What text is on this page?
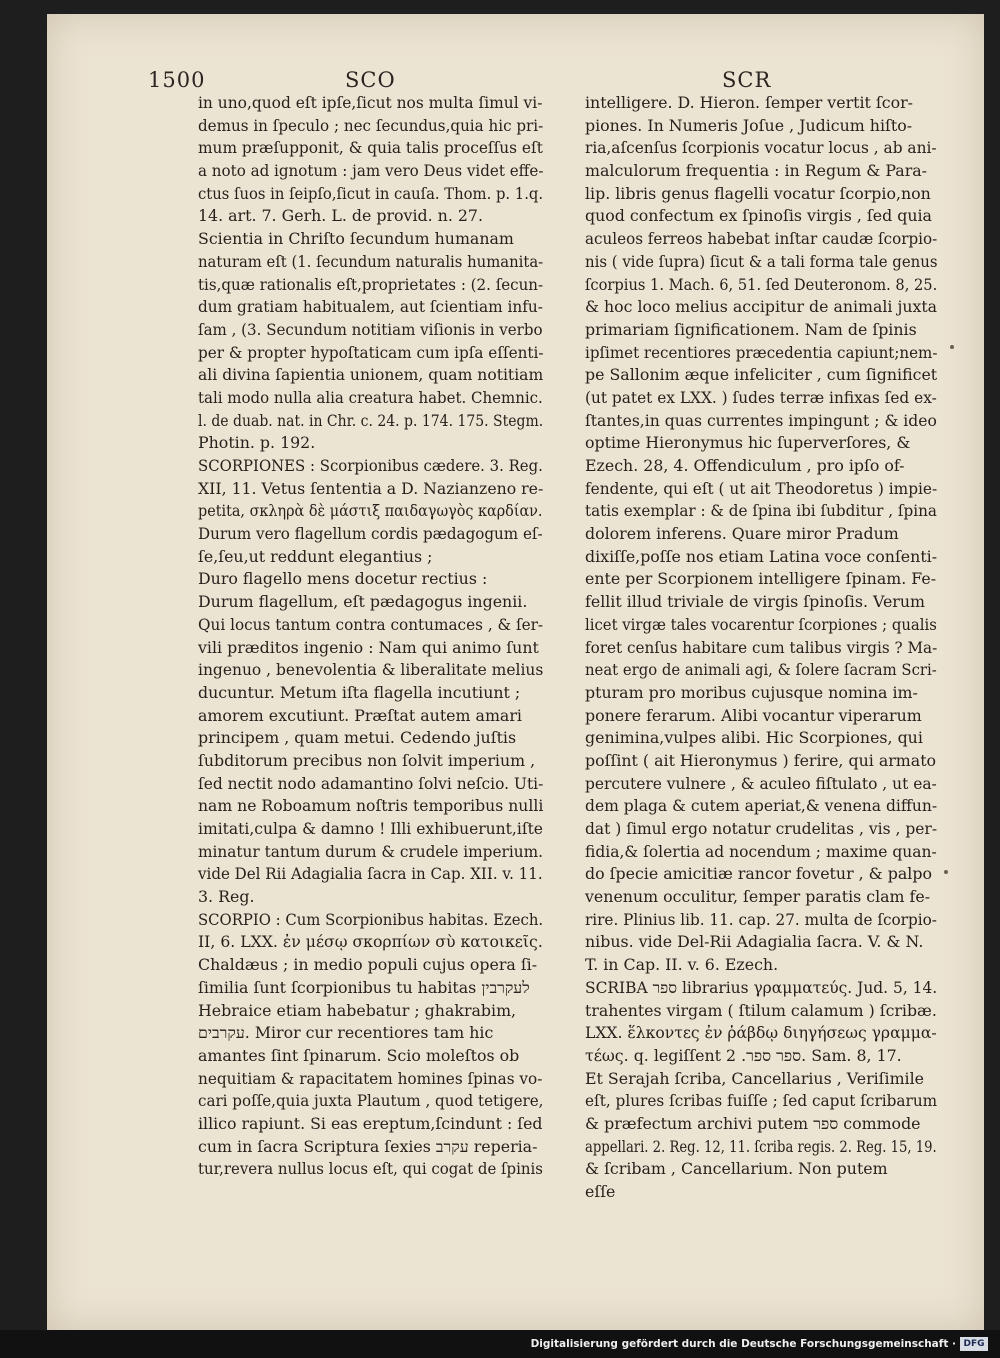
1500	SCO	SCR
in uno,quod eſt ipſe,ſicut nos multa ſimul vi-
demus in ſpeculo ; nec ſecundus,quia hic pri-
mum præſupponit, & quia talis proceſſus eſt
a noto ad ignotum : jam vero Deus videt effe-
ctus ſuos in ſeipſo,ſicut in cauſa. Thom. p. 1.q.
14. art. 7. Gerh. L. de provid. n. 27.
Scientia in Chriſto ſecundum humanam
naturam eſt (1. ſecundum naturalis humanita-
tis,quæ rationalis eſt,proprietates : (2. ſecun-
dum gratiam habitualem, aut ſcientiam infu-
ſam , (3. Secundum notitiam viſionis in verbo
per & propter hypoſtaticam cum ipſa eſſenti-
ali divina ſapientia unionem, quam notitiam
tali modo nulla alia creatura habet. Chemnic.
l. de duab. nat. in Chr. c. 24. p. 174. 175. Stegm.
Photin. p. 192.
SCORPIONES : Scorpionibus cædere. 3. Reg.
XII, 11. Vetus ſententia a D. Nazianzeno re-
petita, σκληρὰ δὲ μάστιξ παιδαγωγὸς καρδίαν.
Durum vero flagellum cordis pædagogum eſ-
ſe,ſeu,ut reddunt elegantius ;
Duro flagello mens docetur rectius :
Durum flagellum, eſt pædagogus ingenii.
Qui locus tantum contra contumaces , & ſer-
vili præditos ingenio : Nam qui animo ſunt
ingenuo , benevolentia & liberalitate melius
ducuntur. Metum iſta flagella incutiunt ;
amorem excutiunt. Præſtat autem amari
principem , quam metui. Cedendo juſtis
ſubditorum precibus non ſolvit imperium ,
ſed nectit nodo adamantino ſolvi neſcio. Uti-
nam ne Roboamum noſtris temporibus nulli
imitati,culpa & damno ! Illi exhibuerunt,iſte
minatur tantum durum & crudele imperium.
vide Del Rii Adagialia ſacra in Cap. XII. v. 11.
3. Reg.
SCORPIO : Cum Scorpionibus habitas. Ezech.
II, 6. LXX. ἐν μέσῳ σκορπίων σὺ κατοικεῖς.
Chaldæus ; in medio populi cujus opera ſi-
ſimilia ſunt ſcorpionibus tu habitas לעקרבין
Hebraice etiam habebatur ; ghakrabim,
עקרבים. Miror cur recentiores tam hic
amantes ſint ſpinarum. Scio moleſtos ob
nequitiam & rapacitatem homines ſpinas vo-
cari poſſe,quia juxta Plautum , quod tetigere,
illico rapiunt. Si eas ereptum,ſcindunt : ſed
cum in ſacra Scriptura ſexies עקרב reperia-
tur,revera nullus locus eſt, qui cogat de ſpinis
intelligere. D. Hieron. ſemper vertit ſcor-
piones. In Numeris Joſue , Judicum hiſto-
ria,aſcenſus ſcorpionis vocatur locus , ab ani-
malculorum frequentia : in Regum & Para-
lip. libris genus flagelli vocatur ſcorpio,non
quod confectum ex ſpinoſis virgis , ſed quia
aculeos ferreos habebat inſtar caudæ ſcorpio-
nis ( vide ſupra) ſicut & a tali forma tale genus
ſcorpius 1. Mach. 6, 51. ſed Deuteronom. 8, 25.
& hoc loco melius accipitur de animali juxta
primariam ſignificationem. Nam de ſpinis
ipſimet recentiores præcedentia capiunt;nem-
pe Sallonim æque infeliciter , cum ſignificet
(ut patet ex LXX. ) ſudes terræ infixas ſed ex-
ſtantes,in quas currentes impingunt ; & ideo
optime Hieronymus hic ſuperverſores, &
Ezech. 28, 4. Offendiculum , pro ipſo of-
fendente, qui eſt ( ut ait Theodoretus ) impie-
tatis exemplar : & de ſpina ibi ſubditur , ſpina
dolorem inferens. Quare miror Pradum
dixiſſe,poſſe nos etiam Latina voce conſenti-
ente per Scorpionem intelligere ſpinam. Fe-
fellit illud triviale de virgis ſpinoſis. Verum
licet virgæ tales vocarentur ſcorpiones ; qualis
foret cenſus habitare cum talibus virgis ? Ma-
neat ergo de animali agi, & ſolere ſacram Scri-
pturam pro moribus cujusque nomina im-
ponere ferarum. Alibi vocantur viperarum
genimina,vulpes alibi. Hic Scorpiones, qui
poſſint ( ait Hieronymus ) ferire, qui armato
percutere vulnere , & aculeo fiſtulato , ut ea-
dem plaga & cutem aperiat,& venena diffun-
dat ) ſimul ergo notatur crudelitas , vis , per-
fidia,& ſolertia ad nocendum ; maxime quan-
do ſpecie amicitiæ rancor fovetur , & palpo
venenum occulitur, ſemper paratis clam fe-
rire. Plinius lib. 11. cap. 27. multa de ſcorpio-
nibus. vide Del-Rii Adagialia ſacra. V. & N.
T. in Cap. II. v. 6. Ezech.
SCRIBA ספר librarius γραμματεύς. Jud. 5, 14.
trahentes virgam ( ſtilum calamum ) ſcribæ.
LXX. ἕλκοντες ἐν ῥάβδῳ διηγήσεως γραμμα-
τέως. q. legiſſent ספר ספר. 2. Sam. 8, 17.
Et Serajah ſcriba, Cancellarius , Veriſimile
eſt, plures ſcribas fuiſſe ; ſed caput ſcribarum
& præfectum archivi putem ספר commode
appellari. 2. Reg. 12, 11. ſcriba regis. 2. Reg. 15, 19.
& ſcribam , Cancellarium. Non putem
eſſe
Digitalisierung gefördert durch die Deutsche Forschungsgemeinschaft · DFG
